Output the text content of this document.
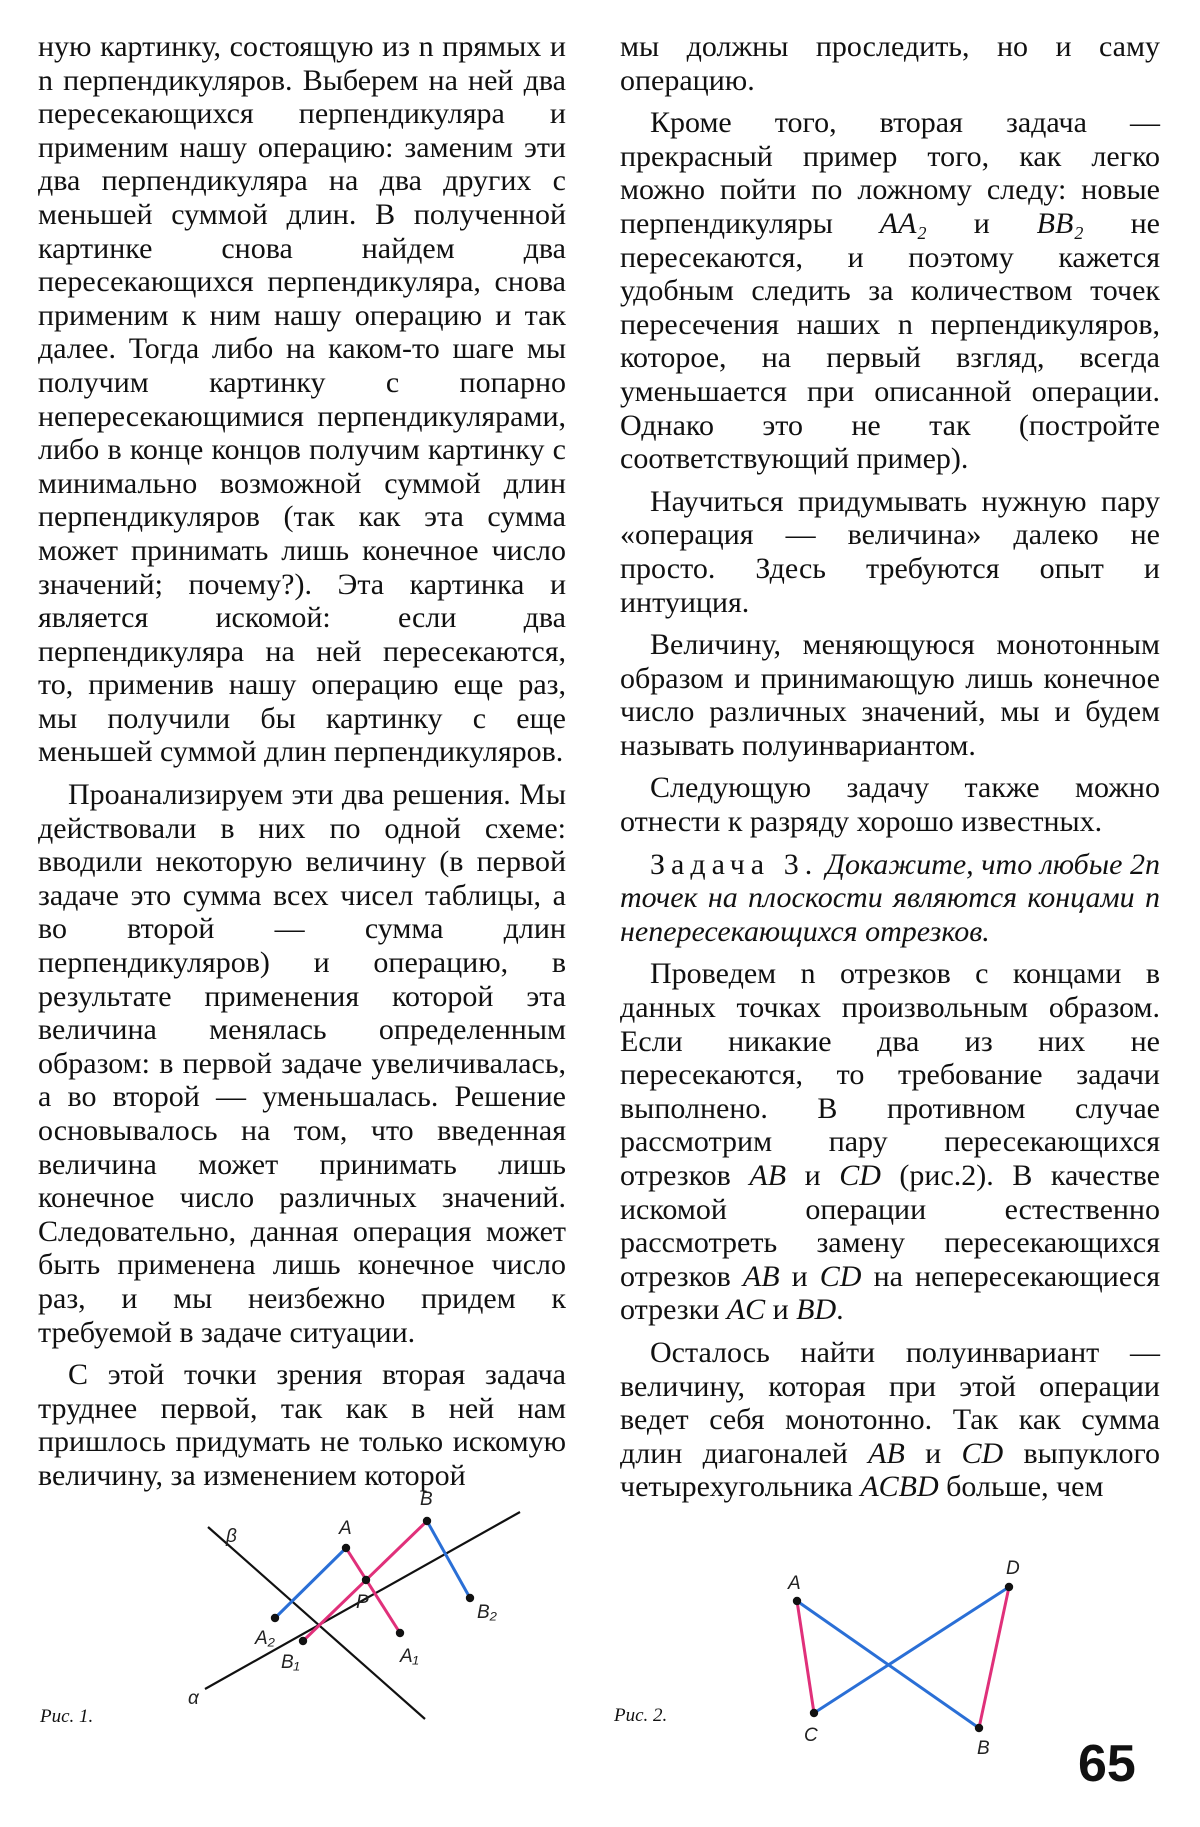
ную картинку, состоящую из n прямых и n перпендикуляров. Выберем на ней два пересекающихся перпендикуляра и применим нашу операцию: заменим эти два перпендикуляра на два других с меньшей суммой длин. В полученной картинке снова найдем два пересекающихся перпендикуляра, снова применим к ним нашу операцию и так далее. Тогда либо на каком-то шаге мы получим картинку с попарно непересекающимися перпендикулярами, либо в конце концов получим картинку с минимально возможной суммой длин перпендикуляров (так как эта сумма может принимать лишь конечное число значений; почему?). Эта картинка и является искомой: если два перпендикуляра на ней пересекаются, то, применив нашу операцию еще раз, мы получили бы картинку с еще меньшей суммой длин перпендикуляров.

Проанализируем эти два решения. Мы действовали в них по одной схеме: вводили некоторую величину (в первой задаче это сумма всех чисел таблицы, а во второй — сумма длин перпендикуляров) и операцию, в результате применения которой эта величина менялась определенным образом: в первой задаче увеличивалась, а во второй — уменьшалась. Решение основывалось на том, что введенная величина может принимать лишь конечное число различных значений. Следовательно, данная операция может быть применена лишь конечное число раз, и мы неизбежно придем к требуемой в задаче ситуации.

С этой точки зрения вторая задача труднее первой, так как в ней нам пришлось придумать не только искомую величину, за изменением которой

мы должны проследить, но и саму операцию.

Кроме того, вторая задача — прекрасный пример того, как легко можно пойти по ложному следу: новые перпендикуляры AA₂ и BB₂ не пересекаются, и поэтому кажется удобным следить за количеством точек пересечения наших n перпендикуляров, которое, на первый взгляд, всегда уменьшается при описанной операции. Однако это не так (постройте соответствующий пример).

Научиться придумывать нужную пару «операция — величина» далеко не просто. Здесь требуются опыт и интуиция.

Величину, меняющуюся монотонным образом и принимающую лишь конечное число различных значений, мы и будем называть полуинвариантом.

Следующую задачу также можно отнести к разряду хорошо известных.

Задача 3. Докажите, что любые 2n точек на плоскости являются концами n непересекающихся отрезков.

Проведем n отрезков с концами в данных точках произвольным образом. Если никакие два из них не пересекаются, то требование задачи выполнено. В противном случае рассмотрим пару пересекающихся отрезков AB и CD (рис.2). В качестве искомой операции естественно рассмотреть замену пересекающихся отрезков AB и CD на непересекающиеся отрезки AC и BD.

Осталось найти полуинвариант — величину, которая при этой операции ведет себя монотонно. Так как сумма длин диагоналей AB и CD выпуклого четырехугольника ACBD больше, чем

A
B
P
A₂
B₁	A₁
B₂
α
β
Рис. 1.
A
B
C
D
Рис. 2.
65
